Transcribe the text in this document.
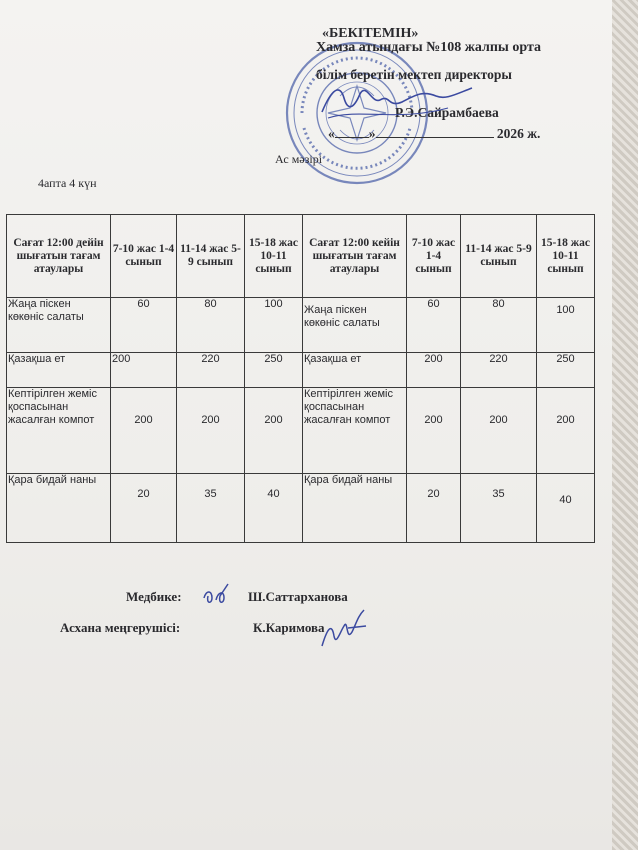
«БЕКІТЕМІН»
Хамза атындағы №108 жалпы орта
білім беретін мектеп директоры
Р.Э.Сайрамбаева
«	»	2026 ж.
Ас мәзірі
4апта 4 күн
Сағат 12:00 дейін шығатын тағам атаулары	7-10 жас 1-4 сынып	11-14 жас 5-9 сынып	15-18 жас 10-11 сынып	Сағат 12:00 кейін шығатын тағам атаулары	7-10 жас 1-4 сынып	11-14 жас 5-9 сынып	15-18 жас 10-11 сынып
Жаңа піскен көкөніс салаты	60	80	100	Жаңа піскен көкөніс салаты	60	80	100
Қазақша ет	200	220	250	Қазақша ет	200	220	250
Кептірілген жеміс қоспасынан жасалған компот	200	200	200	Кептірілген жеміс қоспасынан жасалған компот	200	200	200
Қара бидай наны	20	35	40	Қара бидай наны	20	35	40
Медбике:	Ш.Саттарханова
Асхана меңгерушісі:	К.Каримова
